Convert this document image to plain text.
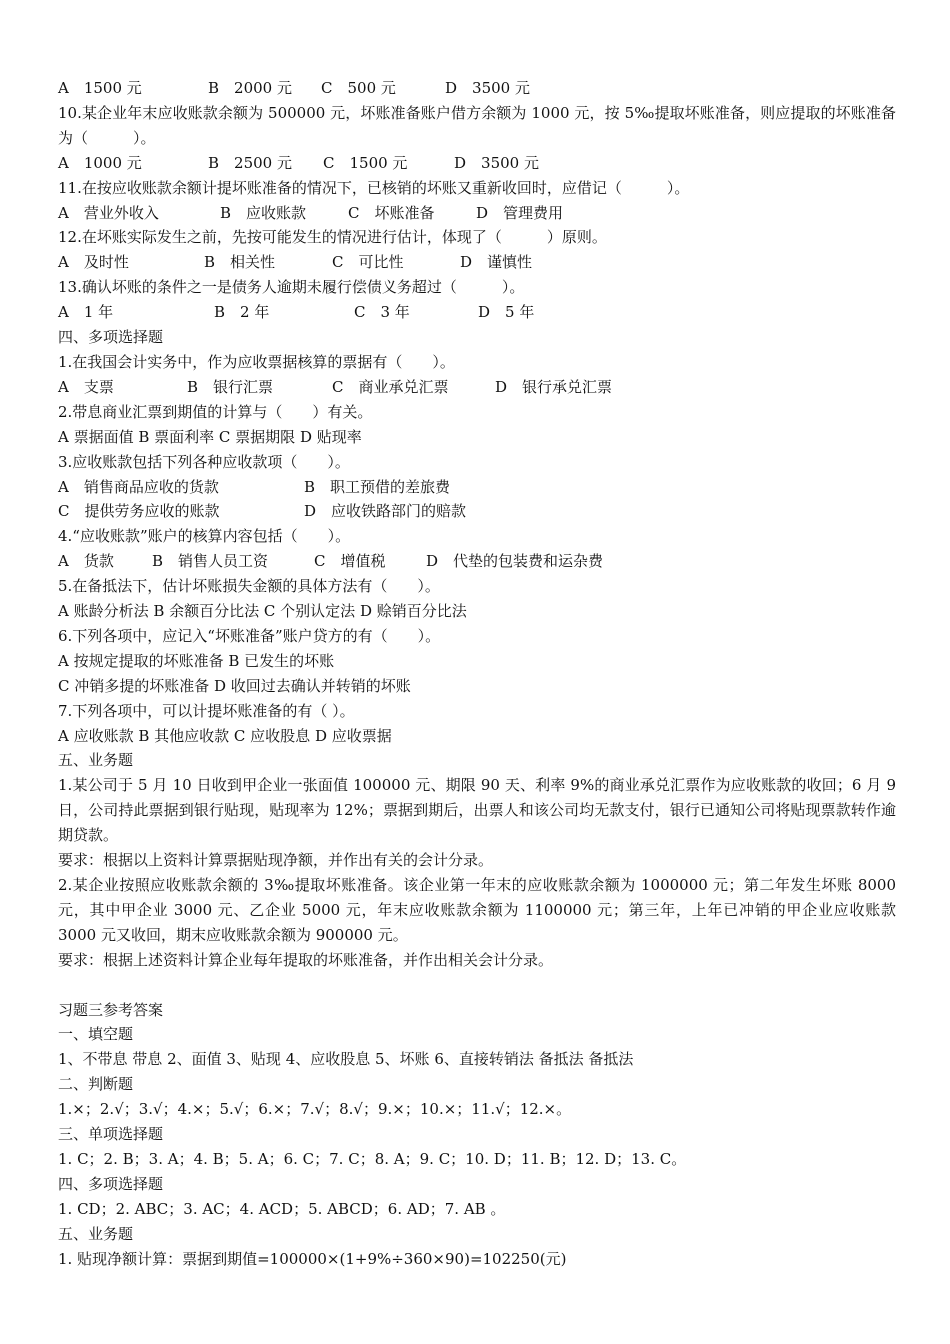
A　1500 元	B　2000 元	C　500 元	D　3500 元
10.某企业年末应收账款余额为 500000 元，坏账准备账户借方余额为 1000 元，按 5‰提取坏账准备，则应提取的坏账准备为（　　　）。
A　1000 元	B　2500 元	C　1500 元	D　3500 元
11.在按应收账款余额计提坏账准备的情况下，已核销的坏账又重新收回时，应借记（　　　）。
A　营业外收入	B　应收账款	C　坏账准备	D　管理费用
12.在坏账实际发生之前，先按可能发生的情况进行估计，体现了（　　　）原则。
A　及时性	B　相关性	C　可比性	D　谨慎性
13.确认坏账的条件之一是债务人逾期未履行偿债义务超过（　　　）。
A　1 年	B　2 年	C　3 年	D　5 年
四、多项选择题
1.在我国会计实务中，作为应收票据核算的票据有（　　）。
A　支票	B　银行汇票	C　商业承兑汇票	D　银行承兑汇票
2.带息商业汇票到期值的计算与（　　）有关。
A 票据面值 B 票面利率 C 票据期限 D 贴现率
3.应收账款包括下列各种应收款项（　　）。
A　销售商品应收的货款	B　职工预借的差旅费
C　提供劳务应收的账款	D　应收铁路部门的赔款
4.“应收账款”账户的核算内容包括（　　）。
A　货款	B　销售人员工资	C　增值税	D　代垫的包装费和运杂费
5.在备抵法下，估计坏账损失金额的具体方法有（　　）。
A 账龄分析法 B 余额百分比法 C 个别认定法 D 赊销百分比法
6.下列各项中，应记入“坏账准备”账户贷方的有（　　）。
A 按规定提取的坏账准备 B 已发生的坏账
C 冲销多提的坏账准备 D 收回过去确认并转销的坏账
7.下列各项中，可以计提坏账准备的有（ ）。
A 应收账款 B 其他应收款 C 应收股息 D 应收票据
五、业务题
1.某公司于 5 月 10 日收到甲企业一张面值 100000 元、期限 90 天、利率 9%的商业承兑汇票作为应收账款的收回；6 月 9 日，公司持此票据到银行贴现，贴现率为 12%；票据到期后，出票人和该公司均无款支付，银行已通知公司将贴现票款转作逾期贷款。
要求：根据以上资料计算票据贴现净额，并作出有关的会计分录。
2.某企业按照应收账款余额的 3‰提取坏账准备。该企业第一年末的应收账款余额为 1000000 元；第二年发生坏账 8000 元，其中甲企业 3000 元、乙企业 5000 元，年末应收账款余额为 1100000 元；第三年，上年已冲销的甲企业应收账款 3000 元又收回，期末应收账款余额为 900000 元。
要求：根据上述资料计算企业每年提取的坏账准备，并作出相关会计分录。
习题三参考答案
一、填空题
1、不带息 带息 2、面值 3、贴现 4、应收股息 5、坏账 6、直接转销法 备抵法 备抵法
二、判断题
1.×；2.√；3.√；4.×；5.√；6.×；7.√；8.√；9.×；10.×；11.√；12.×。
三、单项选择题
1. C；2. B；3. A；4. B；5. A；6. C；7. C；8. A；9. C；10. D；11. B；12. D；13. C。
四、多项选择题
1. CD；2. ABC；3. AC；4. ACD；5. ABCD；6. AD；7. AB 。
五、业务题
1. 贴现净额计算：票据到期值=100000×(1+9%÷360×90)=102250(元)
